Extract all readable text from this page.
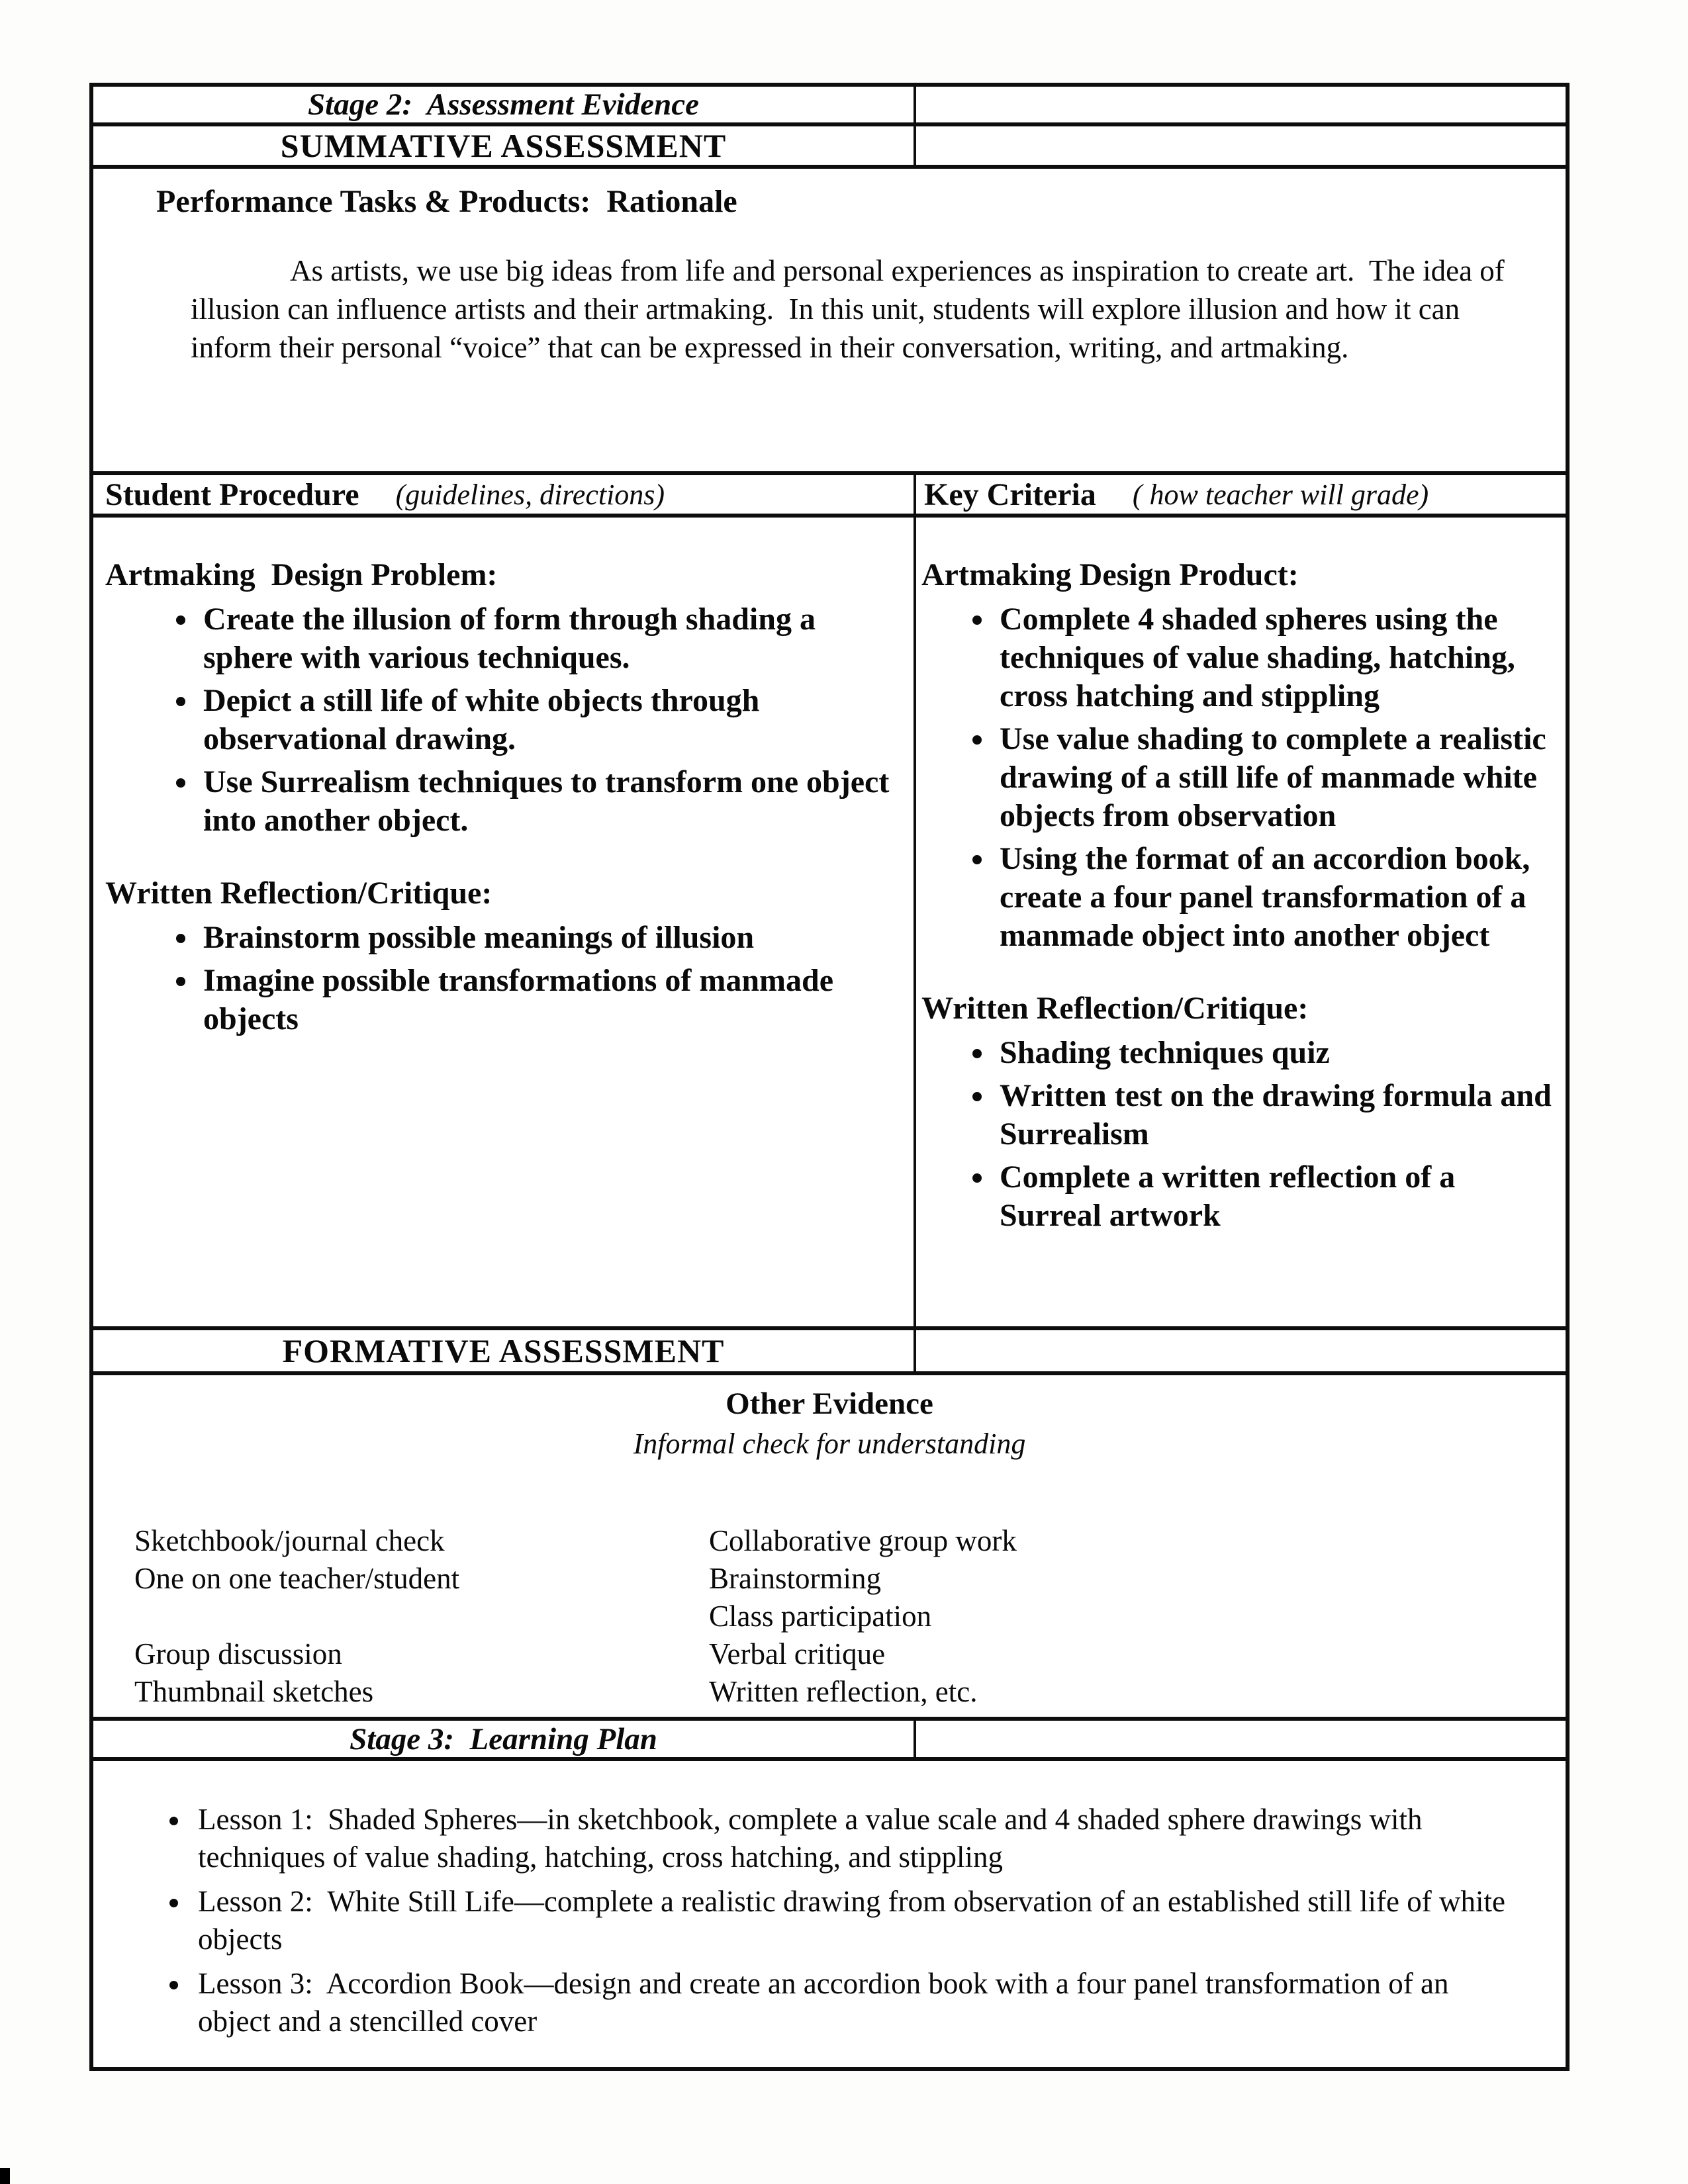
Stage 2:  Assessment Evidence
SUMMATIVE ASSESSMENT
Performance Tasks & Products:  Rationale

As artists, we use big ideas from life and personal experiences as inspiration to create art.  The idea of illusion can influence artists and their artmaking.  In this unit, students will explore illusion and how it can inform their personal “voice” that can be expressed in their conversation, writing, and artmaking.

Student Procedure (guidelines, directions)	Key Criteria ( how teacher will grade)
Artmaking  Design Problem:
• Create the illusion of form through shading a sphere with various techniques.
• Depict a still life of white objects through observational drawing.
• Use Surrealism techniques to transform one object into another object.
Written Reflection/Critique:
• Brainstorm possible meanings of illusion
• Imagine possible transformations of manmade objects
Artmaking Design Product:
• Complete 4 shaded spheres using the techniques of value shading, hatching, cross hatching and stippling
• Use value shading to complete a realistic drawing of a still life of manmade white objects from observation
• Using the format of an accordion book, create a four panel transformation of a manmade object into another object
Written Reflection/Critique:
• Shading techniques quiz
• Written test on the drawing formula and Surrealism
• Complete a written reflection of a Surreal artwork
FORMATIVE ASSESSMENT
Other Evidence
Informal check for understanding
Sketchbook/journal check
One on one teacher/student
Group discussion
Thumbnail sketches
Collaborative group work
Brainstorming
Class participation
Verbal critique
Written reflection, etc.
Stage 3:  Learning Plan
• Lesson 1:  Shaded Spheres—in sketchbook, complete a value scale and 4 shaded sphere drawings with techniques of value shading, hatching, cross hatching, and stippling
• Lesson 2:  White Still Life—complete a realistic drawing from observation of an established still life of white objects
• Lesson 3:  Accordion Book—design and create an accordion book with a four panel transformation of an object and a stencilled cover
